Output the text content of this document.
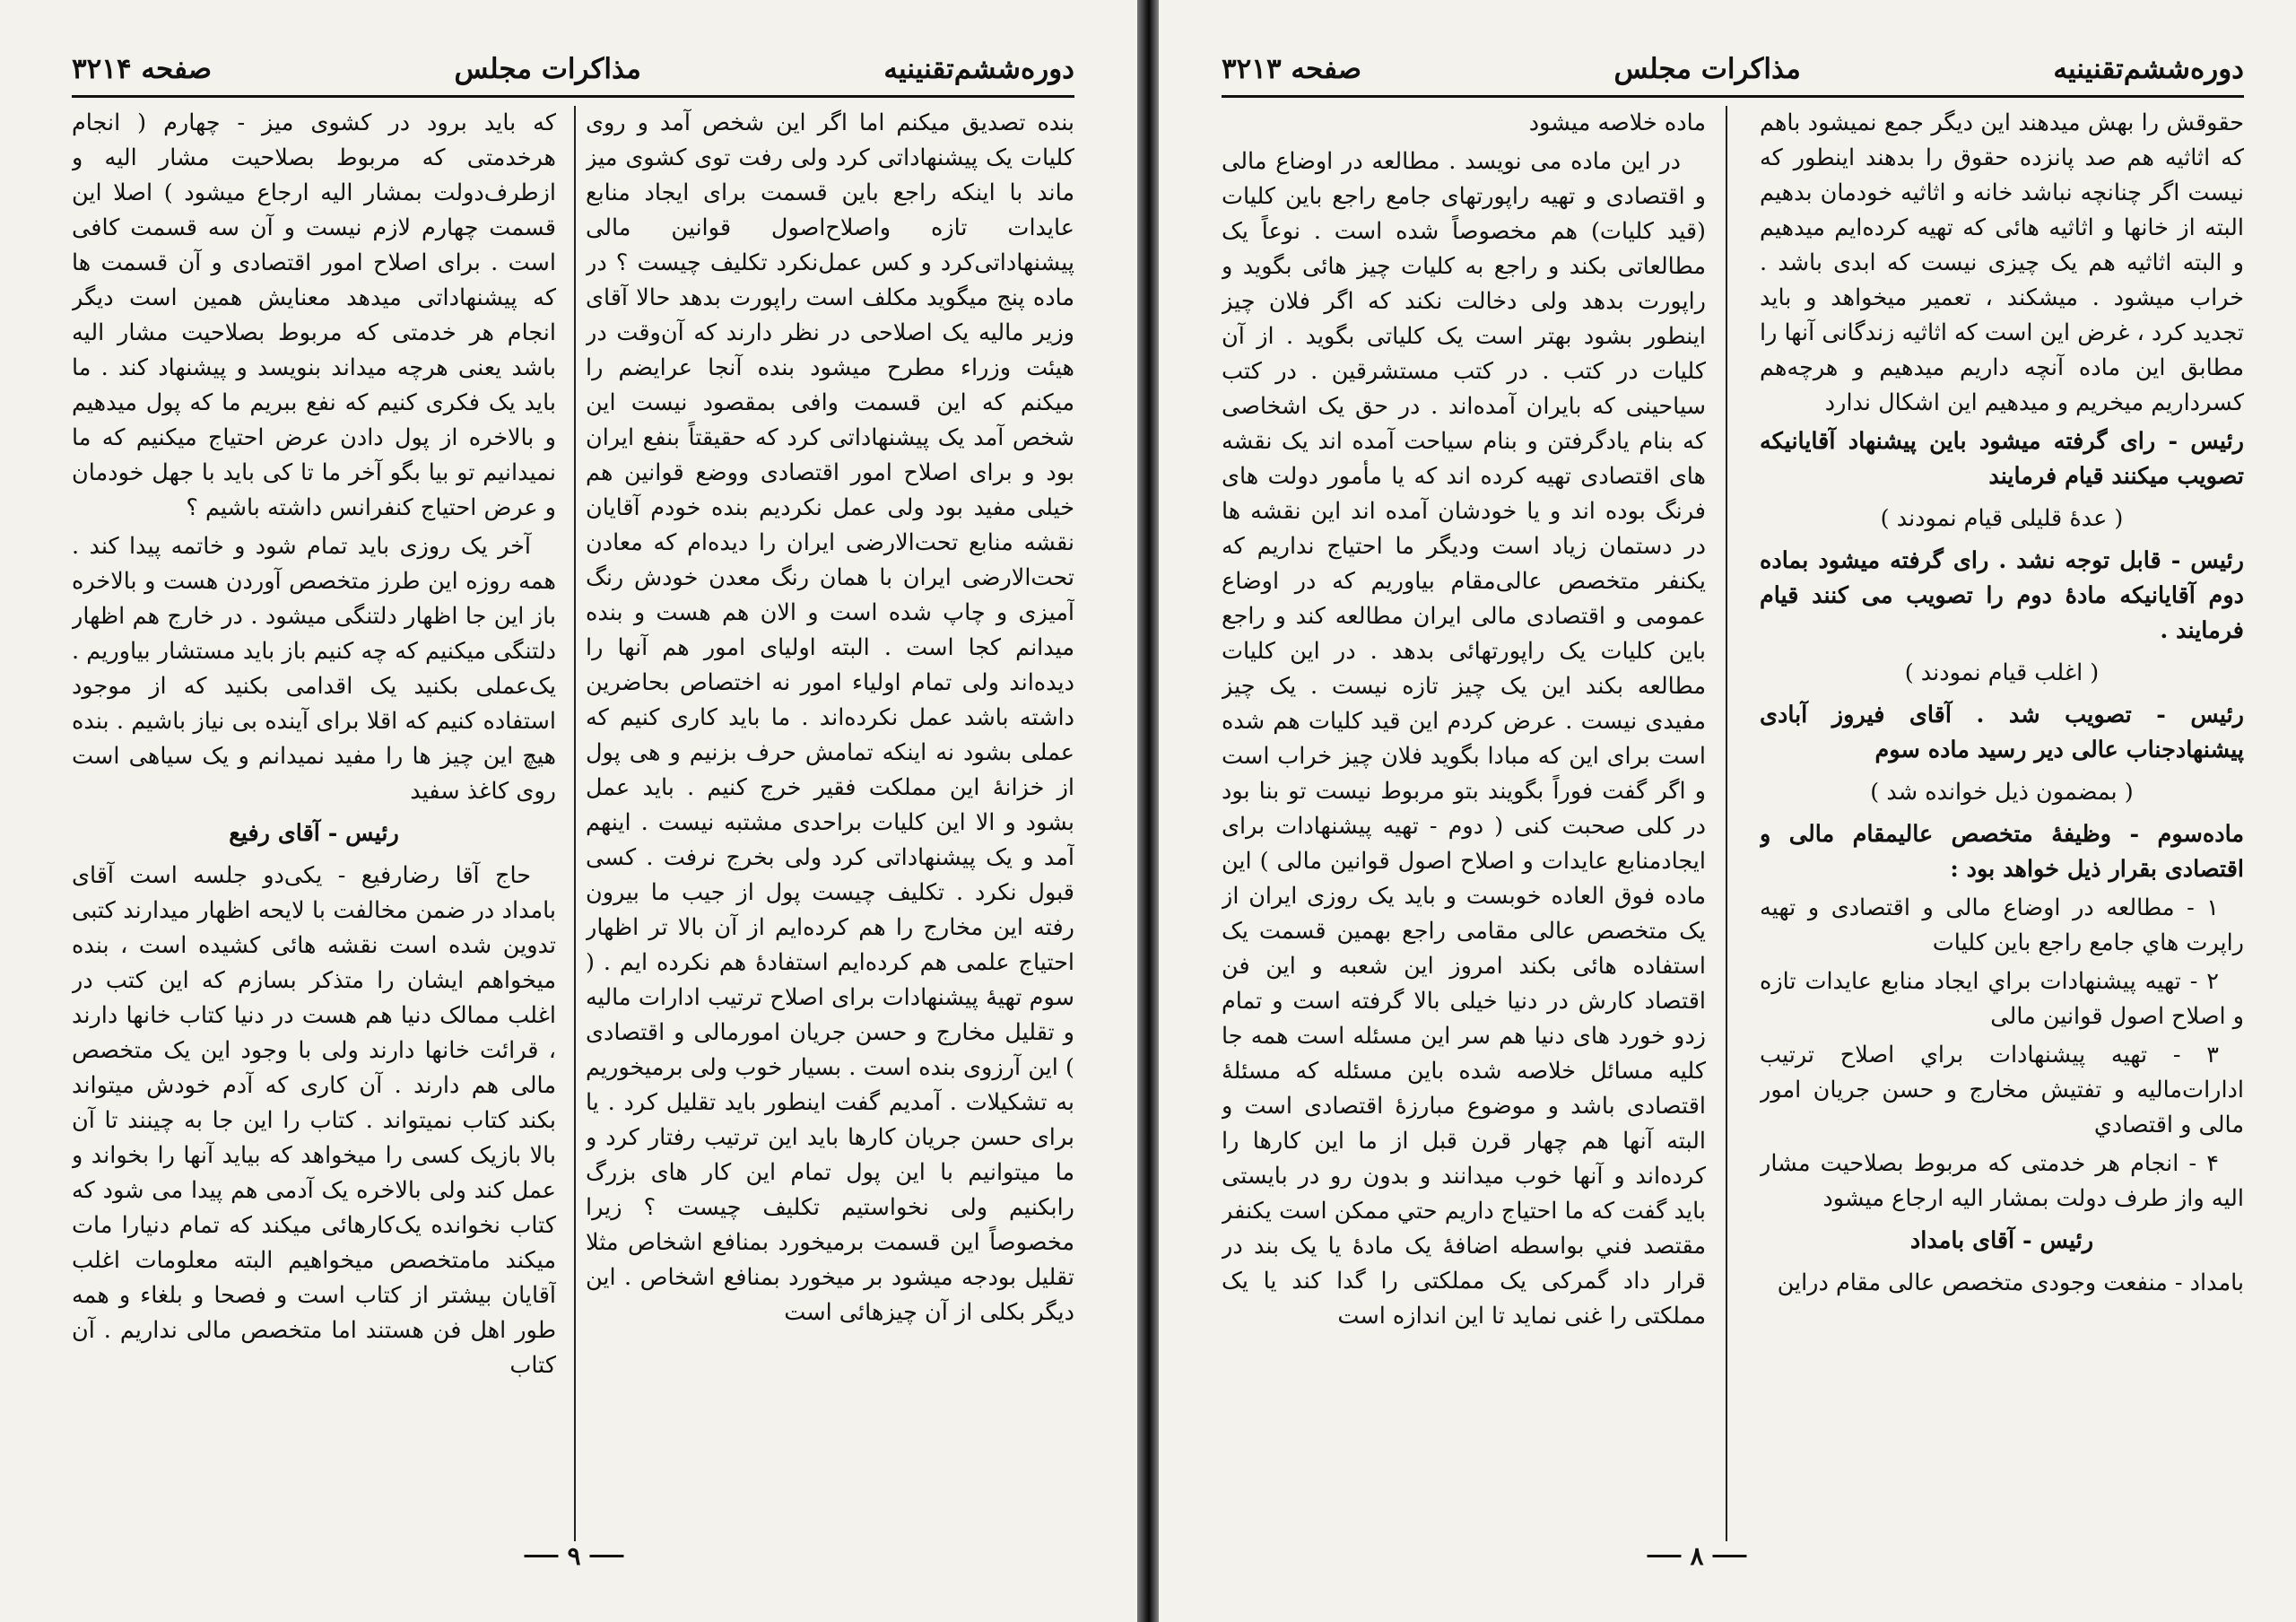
دوره‌ششم‌تقنینیه
مذاکرات مجلس
صفحه ۳۲۱۴

بنده تصدیق میکنم اما اگر این شخص آمد و روی کلیات یک پیشنهاداتی کرد ولی رفت توی کشوی میز ماند با اینکه راجع باین قسمت برای ایجاد منابع عایدات تازه واصلاح‌اصول قوانین مالی پیشنهاداتی‌کرد و کس عمل‌نکرد تکلیف چیست ؟ در ماده پنج میگوید مکلف است راپورت بدهد حالا آقای وزیر مالیه یک اصلاحی در نظر دارند که آن‌وقت در هیئت وزراء مطرح میشود بنده آنجا عرایضم را میکنم که این قسمت وافی بمقصود نیست این شخص آمد یک پیشنهاداتی کرد که حقیقتاً بنفع ایران بود و برای اصلاح امور اقتصادی ووضع قوانین هم خیلی مفید بود ولی عمل نکردیم بنده خودم آقایان نقشه منابع تحت‌الارضی ایران را دیده‌ام که معادن تحت‌الارضی ایران با همان رنگ معدن خودش رنگ آمیزی و چاپ شده است و الان هم هست و بنده میدانم کجا است . البته اولیای امور هم آنها را دیده‌اند ولی تمام اولیاء امور نه اختصاص بحاضرین داشته باشد عمل نکرده‌اند . ما باید کاری کنیم که عملی بشود نه اینکه تمامش حرف بزنیم و هی پول از خزانهٔ این مملکت فقیر خرج کنیم . باید عمل بشود و الا این کلیات براحدی مشتبه نیست . اینهم آمد و یک پیشنهاداتی کرد ولی بخرج نرفت . کسی قبول نکرد . تکلیف چیست پول از جیب ما بیرون رفته این مخارج را هم کرده‌ایم از آن بالا تر اظهار احتیاج علمی هم کرده‌ایم استفادهٔ هم نکرده ایم . ( سوم تهیهٔ پیشنهادات برای اصلاح ترتیب ادارات مالیه و تقلیل مخارج و حسن جریان امور‌مالی و اقتصادی ) این آرزوی بنده است . بسیار خوب ولی برمیخوریم به تشکیلات . آمدیم گفت اینطور باید تقلیل کرد . یا برای حسن جریان کارها باید این ترتیب رفتار کرد و ما میتوانیم با این پول تمام این کار های بزرگ رابکنیم ولی نخواستیم تکلیف چیست ؟ زیرا مخصوصاً این قسمت برمیخورد بمنافع اشخاص مثلا تقلیل بودجه میشود بر میخورد بمنافع اشخاص . این دیگر بکلی از آن چیزهائی است

که باید برود در کشوی میز - چهارم ( انجام هرخدمتی که مربوط بصلاحیت مشار الیه و ازطرف‌دولت بمشار الیه ارجاع میشود ) اصلا این قسمت چهارم لازم نیست و آن سه قسمت کافی است . برای اصلاح امور اقتصادی و آن قسمت ها که پیشنهاداتی میدهد معنایش همین است دیگر انجام هر خدمتی که مربوط بصلاحیت مشار الیه باشد یعنی هرچه میداند بنویسد و پیشنهاد کند . ما باید یک فکری کنیم که نفع ببریم ما که پول میدهیم و بالاخره از پول دادن عرض احتیاج میکنیم که ما نمیدانیم تو بیا بگو آخر ما تا کی باید با جهل خودمان و عرض احتیاج کنفرانس داشته باشیم ؟

آخر یک روزی باید تمام شود و خاتمه پیدا کند . همه روزه این طرز متخصص آوردن هست و بالاخره باز این جا اظهار دلتنگی میشود . در خارج هم اظهار دلتنگی میکنیم که چه کنیم باز باید مستشار بیاوریم . یک‌عملی بکنید یک اقدامی بکنید که از موجود استفاده کنیم که اقلا برای آینده بی نیاز باشیم . بنده هیچ این چیز ها را مفید نمیدانم و یک سیاهی است روی کاغذ سفید

رئیس - آقای رفیع

حاج آقا رضا‌رفیع - یکی‌دو جلسه است آقای بامداد در ضمن مخالفت با لایحه اظهار میدارند کتبی تدوین شده است نقشه هائی کشیده است ، بنده میخواهم ایشان را متذکر بسازم که این کتب در اغلب ممالک دنیا هم هست در دنیا کتاب خانها دارند ، قرائت خانها دارند ولی با وجود این یک متخصص مالی هم دارند . آن کاری که آدم خودش میتواند بکند کتاب نمیتواند . کتاب را این جا به چینند تا آن بالا بازیک کسی را میخواهد که بیاید آنها را بخواند و عمل کند ولی بالاخره یک آدمی هم پیدا می شود که کتاب نخوانده یک‌کارهائی میکند که تمام دنیارا مات میکند مامتخصص میخواهیم البته معلومات اغلب آقایان بیشتر از کتاب است و فصحا و بلغاء و همه طور اهل فن هستند اما متخصص مالی نداریم . آن کتاب

۹
دوره‌ششم‌تقنینیه
مذاکرات مجلس
صفحه ۳۲۱۳

حقوقش را بهش میدهند این دیگر جمع نمیشود باهم که اثاثیه هم صد پانزده حقوق را بدهند اینطور که نیست اگر چنانچه نباشد خانه و اثاثیه خودمان بدهیم البته از خانها و اثاثیه هائی که تهیه کرده‌ایم میدهیم و البته اثاثیه هم یک چیزی نیست که ابدی باشد . خراب میشود . میشکند ، تعمیر میخواهد و باید تجدید کرد ، غرض این است که اثاثیه زندگانی آنها را مطابق این ماده آنچه داریم میدهیم و هرچه‌هم کسرداریم میخریم و میدهیم این اشکال ندارد

رئیس - رای گرفته میشود باین پیشنهاد آقایانیکه تصویب میکنند قیام فرمایند

( عدهٔ قلیلی قیام نمودند )

رئیس - قابل توجه نشد . رای گرفته میشود بماده دوم آقایانیکه مادهٔ دوم را تصویب می کنند قیام فرمایند .

( اغلب قیام نمودند )

رئیس - تصویب شد . آقای فیروز آبادی پیشنهادجناب عالی دیر رسید ماده سوم

( بمضمون ذیل خوانده شد )

ماده‌سوم - وظیفهٔ متخصص عالیمقام مالی و اقتصادی بقرار ذیل خواهد بود :

۱ - مطالعه در اوضاع مالی و اقتصادی و تهیه راپرت هاي جامع راجع باین کلیات

۲ - تهیه پیشنهادات براي ایجاد منابع عایدات تازه و اصلاح اصول قوانین مالی

۳ - تهیه پیشنهادات براي اصلاح ترتیب ادارات‌مالیه و تفتیش مخارج و حسن جریان امور مالی و اقتصادي

۴ - انجام هر خدمتی که مربوط بصلاحیت مشار الیه واز طرف دولت بمشار الیه ارجاع میشود

رئیس - آقای بامداد

بامداد - منفعت وجودی متخصص عالی مقام دراین

ماده خلاصه میشود

در این ماده می نویسد . مطالعه در اوضاع مالی و اقتصادی و تهیه راپورتهای جامع راجع باین کلیات (قید کلیات) هم مخصوصاً شده است . نوعاً یک مطالعاتی بکند و راجع به کلیات چیز هائی بگوید و راپورت بدهد ولی دخالت نکند که اگر فلان چیز اینطور بشود بهتر است یک کلیاتی بگوید . از آن کلیات در کتب . در کتب مستشرقین . در کتب سیاحینی که بایران آمده‌اند . در حق یک اشخاصی که بنام یادگرفتن و بنام سیاحت آمده اند یک نقشه های اقتصادی تهیه کرده اند که یا مأمور دولت های فرنگ بوده اند و یا خودشان آمده اند این نقشه ها در دستمان زیاد است ودیگر ما احتیاج نداریم که یکنفر متخصص عالی‌مقام بیاوریم که در اوضاع عمومی و اقتصادی مالی ایران مطالعه کند و راجع باین کلیات یک راپورتهائی بدهد . در این کلیات مطالعه بکند این یک چیز تازه نیست . یک چیز مفیدی نیست . عرض کردم این قید کلیات هم شده است برای این که مبادا بگوید فلان چیز خراب است و اگر گفت فوراً بگویند بتو مربوط نیست تو بنا بود در کلی صحبت کنی ( دوم - تهیه پیشنهادات برای ایجاد‌منابع عایدات و اصلاح اصول قوانین مالی ) این ماده فوق العاده خوبست و باید یک روزی ایران از یک متخصص عالی مقامی راجع بهمین قسمت یک استفاده هائی بکند امروز این شعبه و این فن اقتصاد کارش در دنیا خیلی بالا گرفته است و تمام زدو خورد های دنیا هم سر این مسئله است همه جا کلیه مسائل خلاصه شده باین مسئله که مسئلهٔ اقتصادی باشد و موضوع مبارزهٔ اقتصادی است و البته آنها هم چهار قرن قبل از ما این کارها را کرده‌اند و آنها خوب میدانند و بدون رو در بایستی باید گفت که ما احتیاج داریم حتي ممکن است یکنفر مقتصد فني بواسطه اضافهٔ یک مادهٔ یا یک بند در قرار داد گمرکی یک مملکتی را گدا کند یا یک مملکتی را غنی نماید تا این اندازه است

۸
